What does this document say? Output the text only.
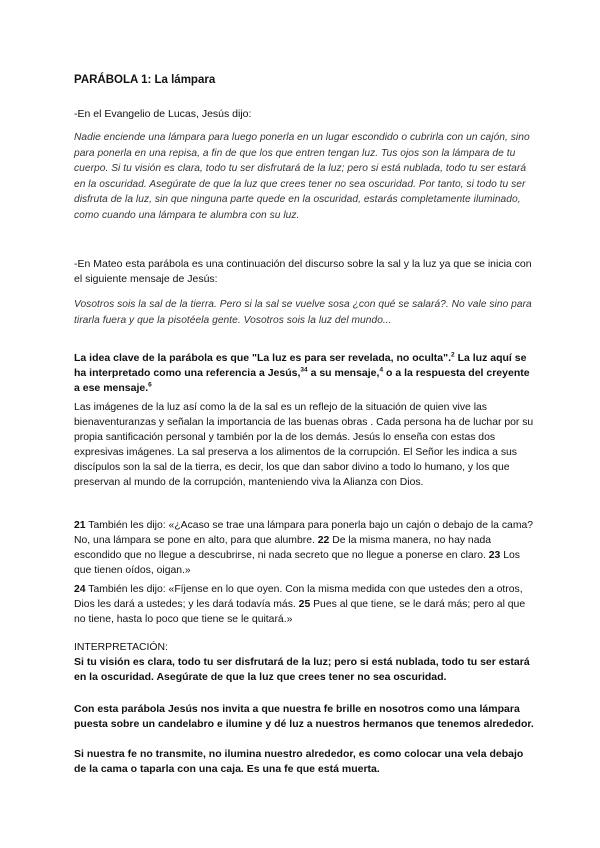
PARÁBOLA 1: La lámpara

-En el Evangelio de Lucas, Jesús dijo:

Nadie enciende una lámpara para luego ponerla en un lugar escondido o cubrirla con un cajón, sino para ponerla en una repisa, a fin de que los que entren tengan luz. Tus ojos son la lámpara de tu cuerpo. Si tu visión es clara, todo tu ser disfrutará de la luz; pero si está nublada, todo tu ser estará en la oscuridad. Asegúrate de que la luz que crees tener no sea oscuridad. Por tanto, si todo tu ser disfruta de la luz, sin que ninguna parte quede en la oscuridad, estarás completamente iluminado, como cuando una lámpara te alumbra con su luz.

-En Mateo esta parábola es una continuación del discurso sobre la sal y la luz ya que se inicia con el siguiente mensaje de Jesús:

Vosotros sois la sal de la tierra. Pero si la sal se vuelve sosa ¿con qué se salará?. No vale sino para tirarla fuera y que la pisotéela gente. Vosotros sois la luz del mundo...

La idea clave de la parábola es que "La luz es para ser revelada, no oculta".$^2$ La luz aquí se ha interpretado como una referencia a Jesús,$^{34}$ a su mensaje,$^4$ o a la respuesta del creyente a ese mensaje.$^6$

Las imágenes de la luz así como la de la sal es un reflejo de la situación de quien vive las bienaventuranzas y señalan la importancia de las buenas obras . Cada persona ha de luchar por su propia santificación personal y también por la de los demás. Jesús lo enseña con estas dos expresivas imágenes. La sal preserva a los alimentos de la corrupción. El Señor les indica a sus discípulos son la sal de la tierra, es decir, los que dan sabor divino a todo lo humano, y los que preservan al mundo de la corrupción, manteniendo viva la Alianza con Dios.

21 También les dijo: «¿Acaso se trae una lámpara para ponerla bajo un cajón o debajo de la cama? No, una lámpara se pone en alto, para que alumbre. 22 De la misma manera, no hay nada escondido que no llegue a descubrirse, ni nada secreto que no llegue a ponerse en claro. 23 Los que tienen oídos, oigan.»

24 También les dijo: «Fíjense en lo que oyen. Con la misma medida con que ustedes den a otros, Dios les dará a ustedes; y les dará todavía más. 25 Pues al que tiene, se le dará más; pero al que no tiene, hasta lo poco que tiene se le quitará.»

INTERPRETACIÓN:

Si tu visión es clara, todo tu ser disfrutará de la luz; pero si está nublada, todo tu ser estará en la oscuridad. Asegúrate de que la luz que crees tener no sea oscuridad.

Con esta parábola Jesús nos invita a que nuestra fe brille en nosotros como una lámpara puesta sobre un candelabro e ilumine y dé luz a nuestros hermanos que tenemos alrededor.

Si nuestra fe no transmite, no ilumina nuestro alrededor, es como colocar una vela debajo de la cama o taparla con una caja. Es una fe que está muerta.
